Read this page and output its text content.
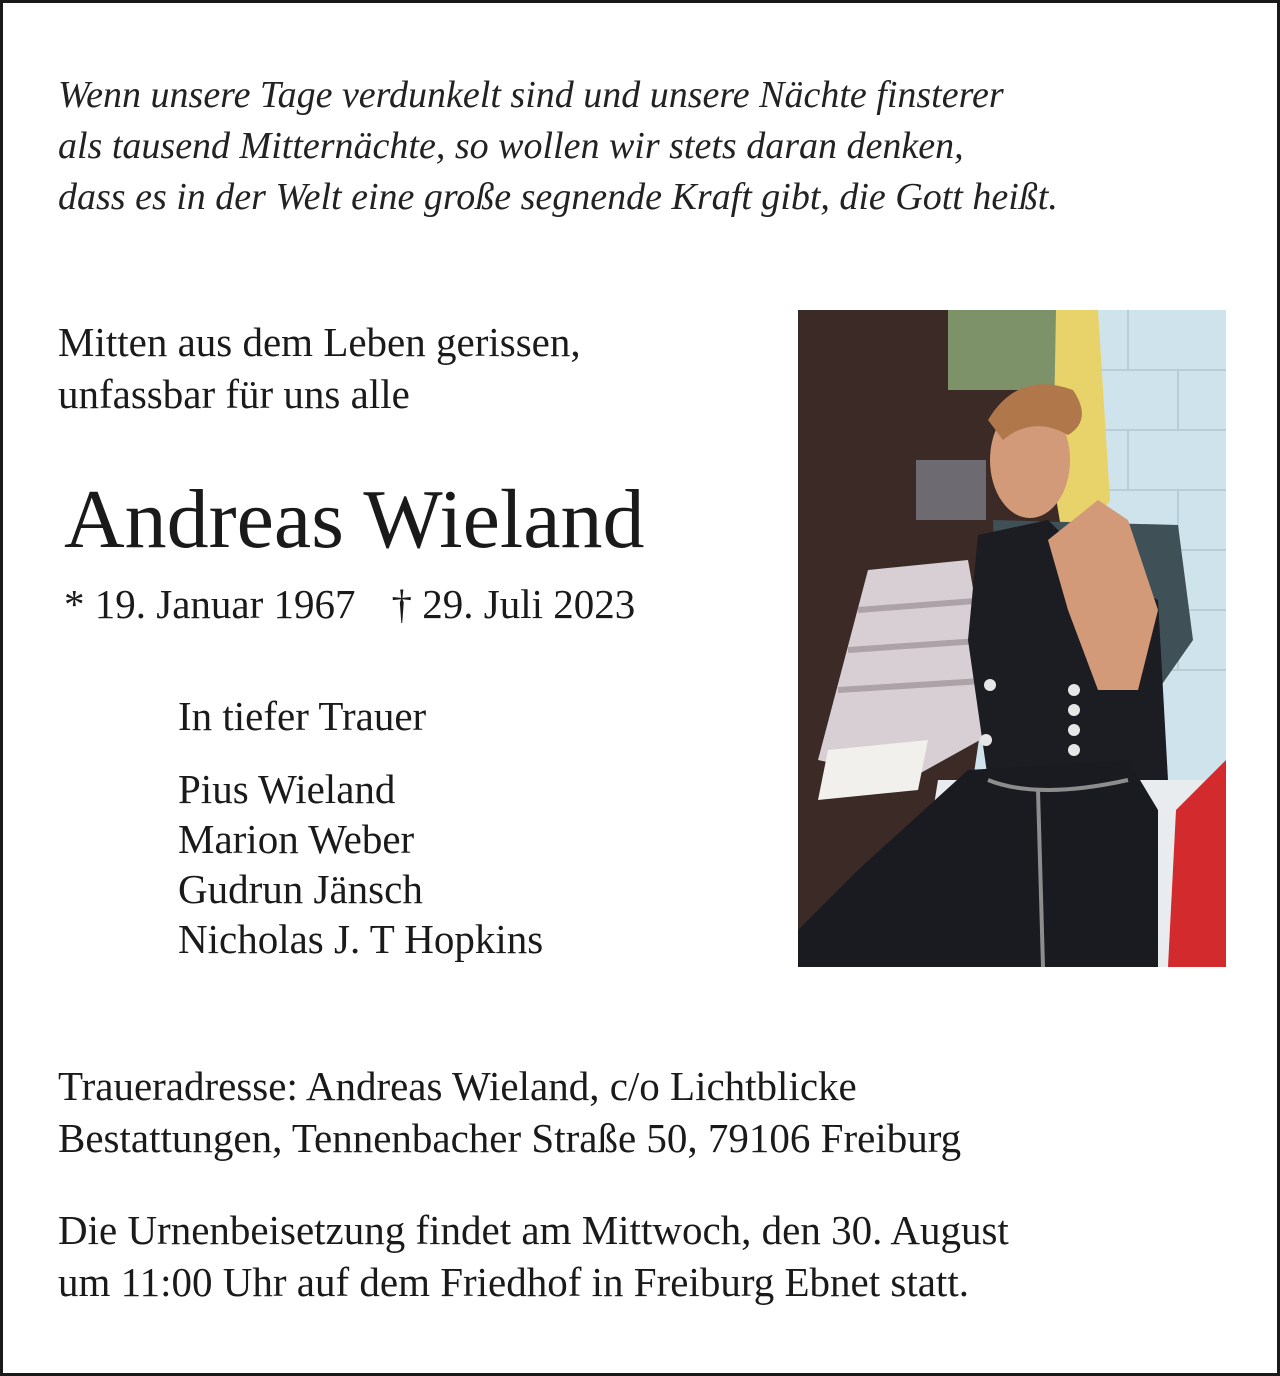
Wenn unsere Tage verdunkelt sind und unsere Nächte finsterer
als tausend Mitternächte, so wollen wir stets daran denken,
dass es in der Welt eine große segnende Kraft gibt, die Gott heißt.
Mitten aus dem Leben gerissen,
unfassbar für uns alle
Andreas Wieland
* 19. Januar 1967 † 29. Juli 2023
In tiefer Trauer
Pius Wieland
Marion Weber
Gudrun Jänsch
Nicholas J. T Hopkins
Traueradresse: Andreas Wieland, c/o Lichtblicke
Bestattungen, Tennenbacher Straße 50, 79106 Freiburg
Die Urnenbeisetzung findet am Mittwoch, den 30. August
um 11:00 Uhr auf dem Friedhof in Freiburg Ebnet statt.
